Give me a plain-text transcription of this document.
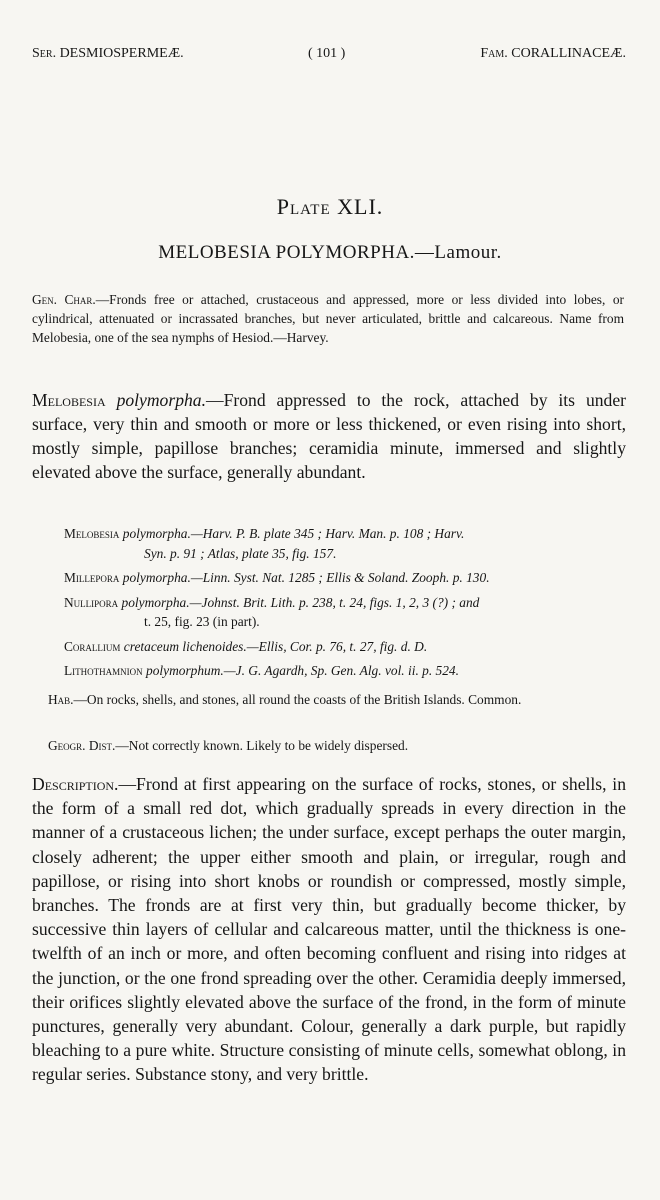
Ser. DESMIOSPERMEÆ.	( 101 )	Fam. CORALLINACEÆ.
Plate XLI.
MELOBESIA POLYMORPHA.—Lamour.
Gen. Char.—Fronds free or attached, crustaceous and appressed, more or less divided into lobes, or cylindrical, attenuated or incrassated branches, but never articulated, brittle and calcareous. Name from Melobesia, one of the sea nymphs of Hesiod.—Harvey.
Melobesia polymorpha.—Frond appressed to the rock, attached by its under surface, very thin and smooth or more or less thickened, or even rising into short, mostly simple, papillose branches; ceramidia minute, immersed and slightly elevated above the surface, generally abundant.
Melobesia polymorpha.—Harv. P. B. plate 345 ; Harv. Man. p. 108 ; Harv.
Syn. p. 91 ; Atlas, plate 35, fig. 157.
Millepora polymorpha.—Linn. Syst. Nat. 1285 ; Ellis & Soland. Zooph. p. 130.
Nullipora polymorpha.—Johnst. Brit. Lith. p. 238, t. 24, figs. 1, 2, 3 (?) ; and
t. 25, fig. 23 (in part).
Corallium cretaceum lichenoides.—Ellis, Cor. p. 76, t. 27, fig. d. D.
Lithothamnion polymorphum.—J. G. Agardh, Sp. Gen. Alg. vol. ii. p. 524.
Hab.—On rocks, shells, and stones, all round the coasts of the British Islands. Common.
Geogr. Dist.—Not correctly known. Likely to be widely dispersed.
Description.—Frond at first appearing on the surface of rocks, stones, or shells, in the form of a small red dot, which gradually spreads in every direction in the manner of a crustaceous lichen; the under surface, except perhaps the outer margin, closely adherent; the upper either smooth and plain, or irregular, rough and papillose, or rising into short knobs or roundish or compressed, mostly simple, branches. The fronds are at first very thin, but gradually become thicker, by successive thin layers of cellular and calcareous matter, until the thickness is one-twelfth of an inch or more, and often becoming confluent and rising into ridges at the junction, or the one frond spreading over the other. Ceramidia deeply immersed, their orifices slightly elevated above the surface of the frond, in the form of minute punctures, generally very abundant. Colour, generally a dark purple, but rapidly bleaching to a pure white. Structure consisting of minute cells, somewhat oblong, in regular series. Substance stony, and very brittle.
